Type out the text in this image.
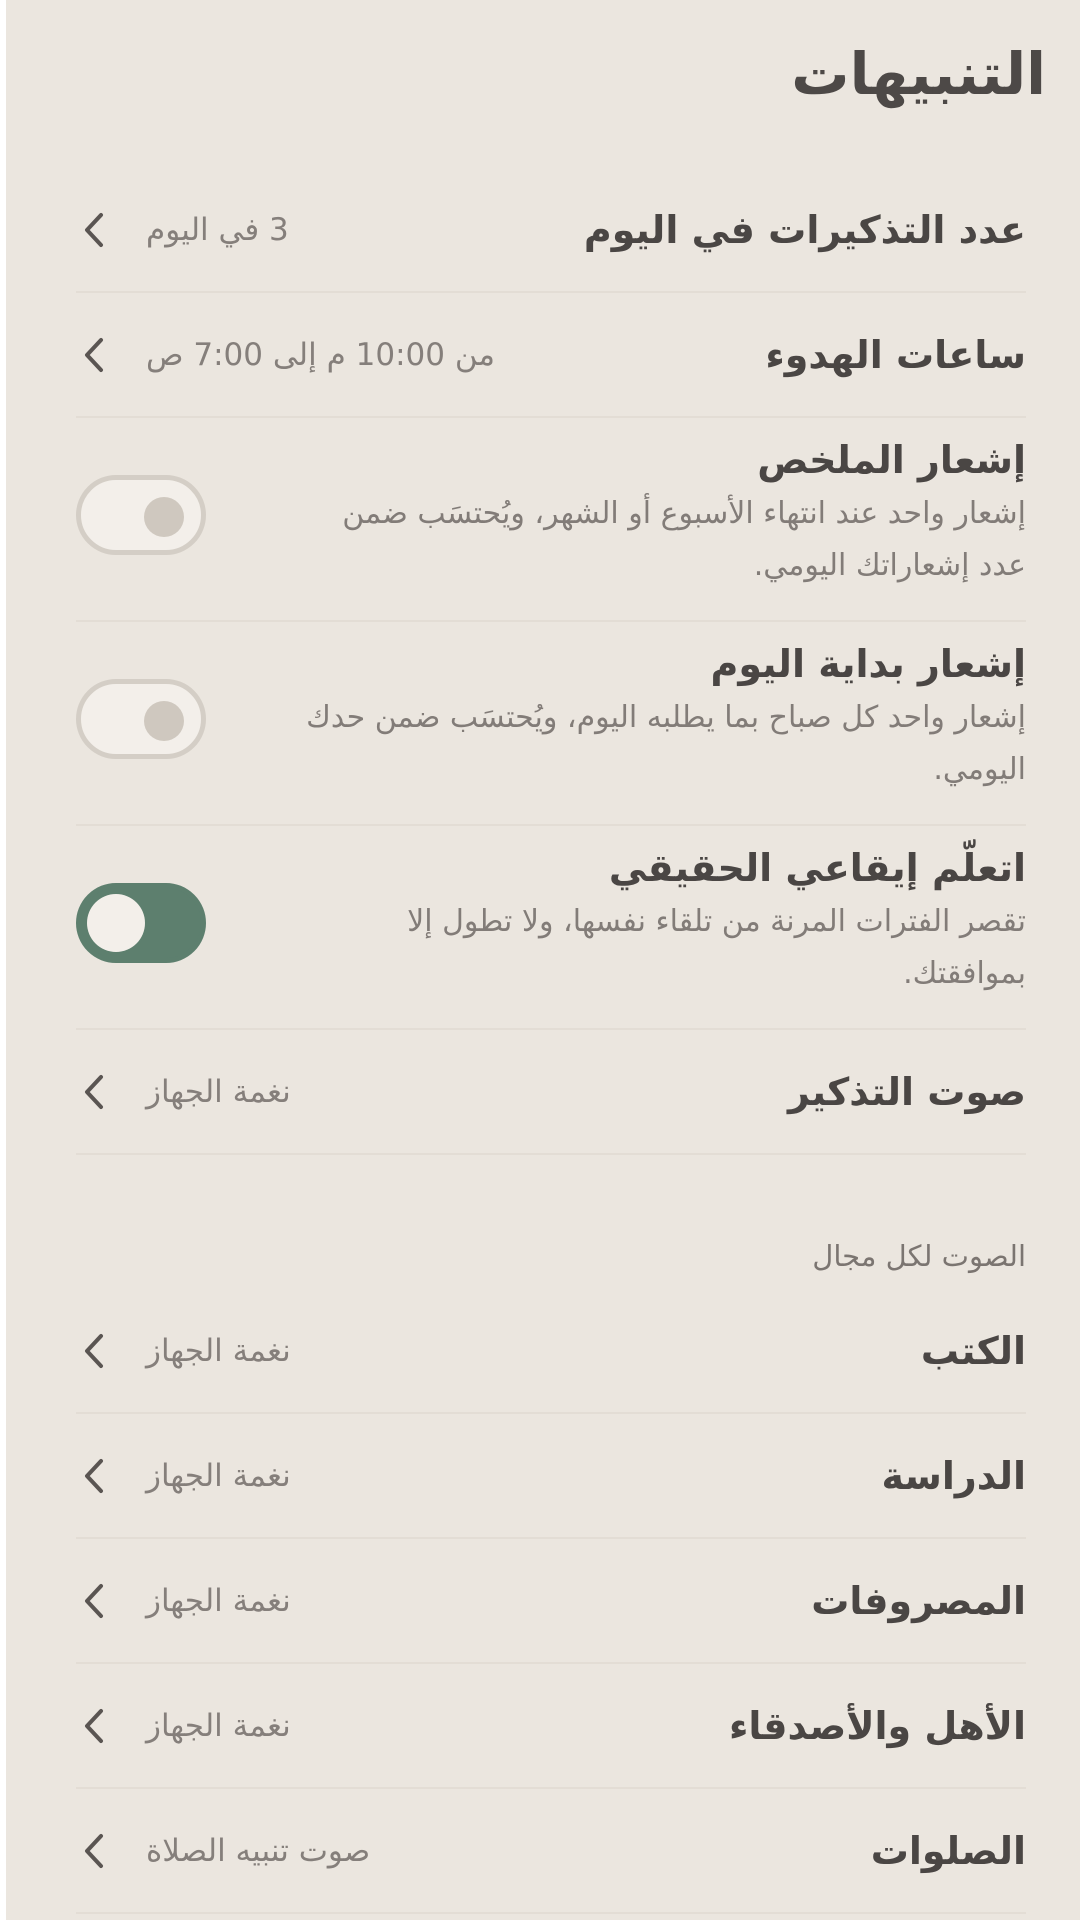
التنبيهات
عدد التذكيرات في اليوم
3 في اليوم
ساعات الهدوء
من 10:00 م إلى 7:00 ص
إشعار الملخص
إشعار واحد عند انتهاء الأسبوع أو الشهر، ويُحتسَب ضمن عدد إشعاراتك اليومي.
إشعار بداية اليوم
إشعار واحد كل صباح بما يطلبه اليوم، ويُحتسَب ضمن حدك اليومي.
اتعلّم إيقاعي الحقيقي
تقصر الفترات المرنة من تلقاء نفسها، ولا تطول إلا بموافقتك.
صوت التذكير
نغمة الجهاز
الصوت لكل مجال
الكتب
نغمة الجهاز
الدراسة
نغمة الجهاز
المصروفات
نغمة الجهاز
الأهل والأصدقاء
نغمة الجهاز
الصلوات
صوت تنبيه الصلاة
